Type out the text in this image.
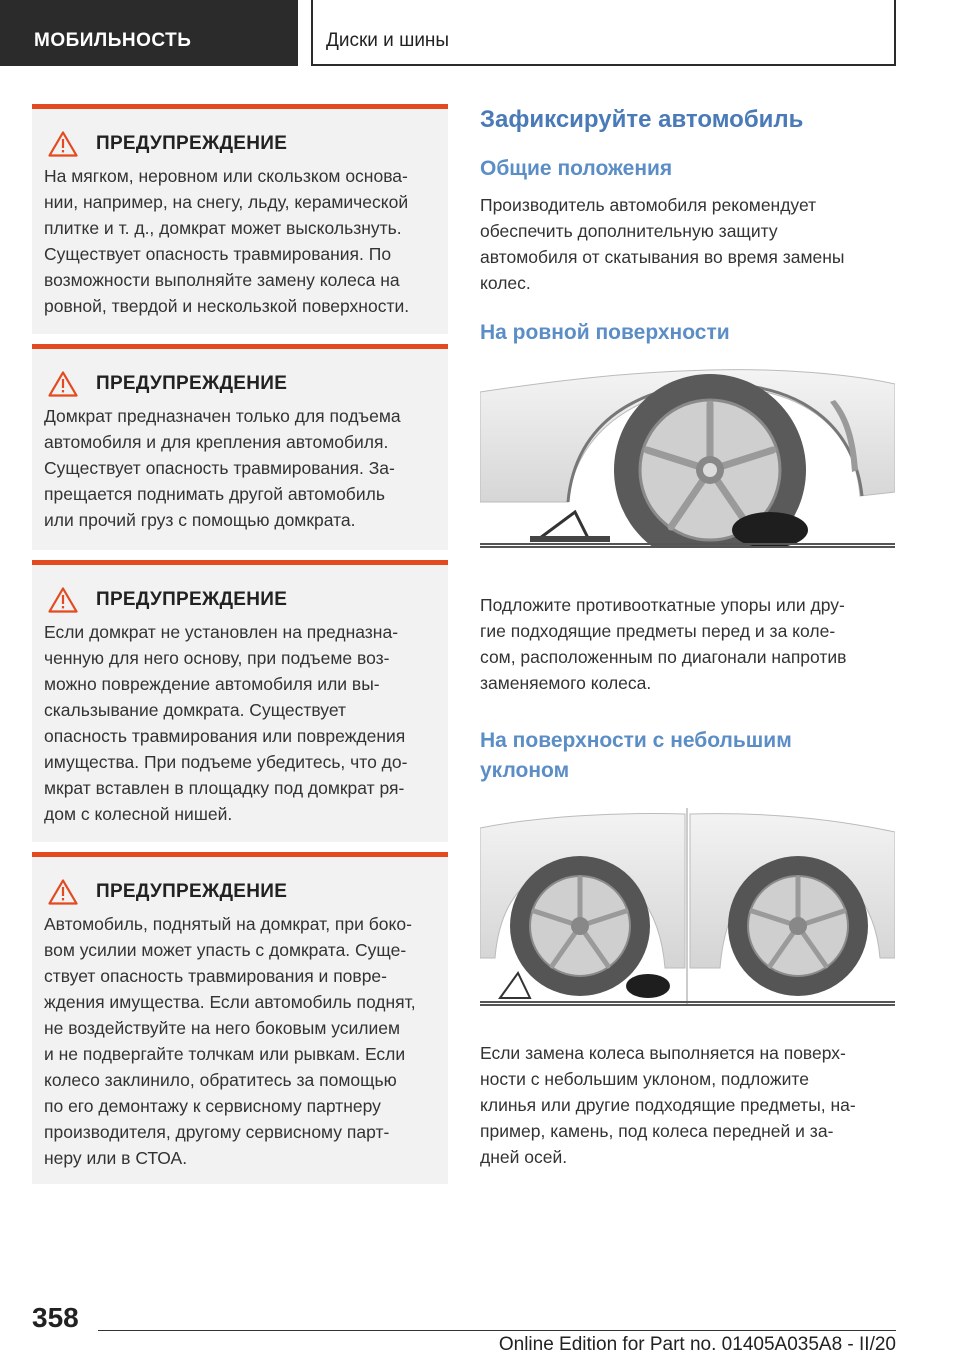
МОБИЛЬНОСТЬ	Диски и шины
ПРЕДУПРЕЖДЕНИЕ
На мягком, неровном или скользком основа-
нии, например, на снегу, льду, керамической
плитке и т. д., домкрат может выскользнуть.
Существует опасность травмирования. По
возможности выполняйте замену колеса на
ровной, твердой и нескользкой поверхности.
ПРЕДУПРЕЖДЕНИЕ
Домкрат предназначен только для подъема
автомобиля и для крепления автомобиля.
Существует опасность травмирования. За-
прещается поднимать другой автомобиль
или прочий груз с помощью домкрата.
ПРЕДУПРЕЖДЕНИЕ
Если домкрат не установлен на предназна-
ченную для него основу, при подъеме воз-
можно повреждение автомобиля или вы-
скальзывание домкрата. Существует
опасность травмирования или повреждения
имущества. При подъеме убедитесь, что до-
мкрат вставлен в площадку под домкрат ря-
дом с колесной нишей.
ПРЕДУПРЕЖДЕНИЕ
Автомобиль, поднятый на домкрат, при боко-
вом усилии может упасть с домкрата. Суще-
ствует опасность травмирования и повре-
ждения имущества. Если автомобиль поднят,
не воздействуйте на него боковым усилием
и не подвергайте толчкам или рывкам. Если
колесо заклинило, обратитесь за помощью
по его демонтажу к сервисному партнеру
производителя, другому сервисному парт-
неру или в СТОА.
Зафиксируйте автомобиль
Общие положения
Производитель автомобиля рекомендует
обеспечить дополнительную защиту
автомобиля от скатывания во время замены
колес.
На ровной поверхности
Подложите противооткатные упоры или дру-
гие подходящие предметы перед и за коле-
сом, расположенным по диагонали напротив
заменяемого колеса.
На поверхности с небольшим
уклоном
Если замена колеса выполняется на поверх-
ности с небольшим уклоном, подложите
клинья или другие подходящие предметы, на-
пример, камень, под колеса передней и за-
дней осей.
358
Online Edition for Part no. 01405A035A8 - II/20
